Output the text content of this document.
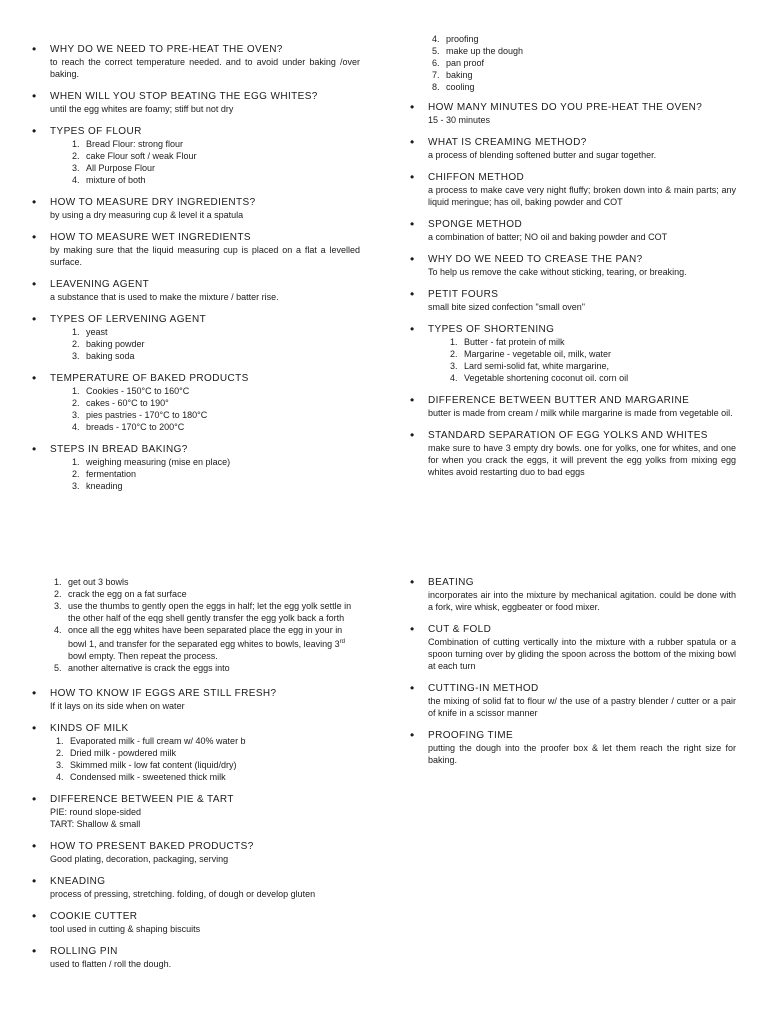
• WHY DO WE NEED TO PRE-HEAT THE OVEN?
to reach the correct temperature needed. and to avoid under baking /over baking.
• WHEN WILL YOU STOP BEATING THE EGG WHITES?
until the egg whites are foamy; stiff but not dry
• TYPES OF FLOUR
1. Bread Flour: strong flour
2. cake Flour soft / weak Flour
3. All Purpose Flour
4. mixture of both
• HOW TO MEASURE DRY INGREDIENTS?
by using a dry measuring cup & level it a spatula
• HOW TO MEASURE WET INGREDIENTS
by making sure that the liquid measuring cup is placed on a flat a levelled surface.
• LEAVENING AGENT
a substance that is used to make the mixture / batter rise.
• TYPES OF LERVENING AGENT
1. yeast
2. baking powder
3. baking soda
• TEMPERATURE OF BAKED PRODUCTS
1. Cookies - 150°C to 160°C
2. cakes - 60°C to 190°
3. pies pastries - 170°C to 180°C
4. breads - 170°C to 200°C
• STEPS IN BREAD BAKING?
1. weighing measuring (mise en place)
2. fermentation
3. kneading
4. proofing
5. make up the dough
6. pan proof
7. baking
8. cooling
• HOW MANY MINUTES DO YOU PRE-HEAT THE OVEN?
15 - 30 minutes
• WHAT IS CREAMING METHOD?
a process of blending softened butter and sugar together.
• CHIFFON METHOD
a process to make cave very night fluffy; broken down into & main parts; any liquid meringue; has oil, baking powder and COT
• SPONGE METHOD
a combination of batter; NO oil and baking powder and COT
• WHY DO WE NEED TO CREASE THE PAN?
To help us remove the cake without sticking, tearing, or breaking.
• PETIT FOURS
small bite sized confection "small oven"
• TYPES OF SHORTENING
1. Butter - fat protein of milk
2. Margarine - vegetable oil, milk, water
3. Lard semi-solid fat, white margarine,
4. Vegetable shortening coconut oil. corn oil
• DIFFERENCE BETWEEN BUTTER AND MARGARINE
butter is made from cream / milk while margarine is made from vegetable oil.
• STANDARD SEPARATION OF EGG YOLKS AND WHITES
make sure to have 3 empty dry bowls. one for yolks, one for whites, and one for when you crack the eggs, it will prevent the egg yolks from mixing egg whites avoid restarting duo to bad eggs
1. get out 3 bowls
2. crack the egg on a fat surface
3. use the thumbs to gently open the eggs in half; let the egg yolk settle in the other half of the eqg shell gently transfer the egg yolk back a forth
4. once all the egg whites have been separated place the egg in your in bowl 1, and transfer for the separated egg whites to bowls, leaving 3rd bowl empty. Then repeat the process.
5. another alternative is crack the eggs into
• HOW TO KNOW IF EGGS ARE STILL FRESH?
If it lays on its side when on water
• KINDS OF MILK
1. Evaporated milk - full cream w/ 40% water b
2. Dried milk - powdered milk
3. Skimmed milk - low fat content (liquid/dry)
4. Condensed milk - sweetened thick milk
• DIFFERENCE BETWEEN PIE & TART
PIE: round slope-sided
TART: Shallow & small
• HOW TO PRESENT BAKED PRODUCTS?
Good plating, decoration, packaging, serving
• KNEADING
process of pressing, stretching. folding, of dough or develop gluten
• COOKIE CUTTER
tool used in cutting & shaping biscuits
• ROLLING PIN
used to flatten / roll the dough.
• BEATING
incorporates air into the mixture by mechanical agitation. could be done with a fork, wire whisk, eggbeater or food mixer.
• CUT & FOLD
Combination of cutting vertically into the mixture with a rubber spatula or a spoon turning over by gliding the spoon across the bottom of the mixing bowl at each turn
• CUTTING-IN METHOD
the mixing of solid fat to flour w/ the use of a pastry blender / cutter or a pair of knife in a scissor manner
• PROOFING TIME
putting the dough into the proofer box & let them reach the right size for baking.
